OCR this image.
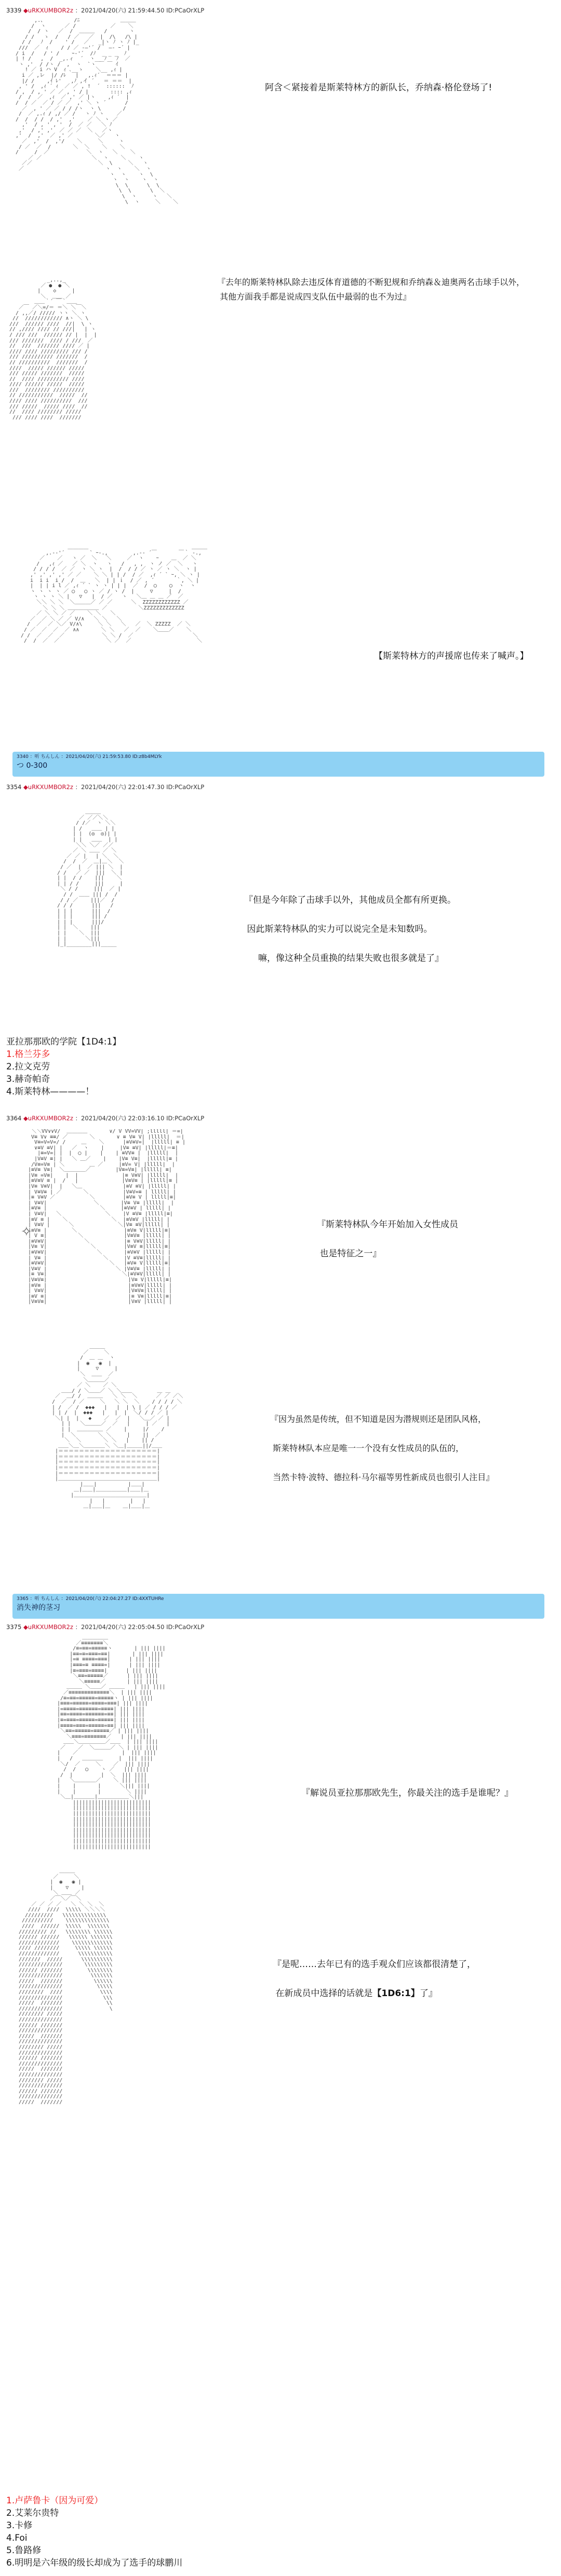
3339 ◆uRKXUMBOR2z ：2021/04/20(六) 21:59:44.50 ID:PCaOrXLP
,.、         /ﾆ             ＿＿＿
/  ヽ      ／ /           ／    ＼
/  / ヽ   ／  /  ＿＿＿   /       ヽ
/ /   ゝ  /   / ／   ／  |  /\   /\ |
/ /   ﾉ  /    ' /   ／   _|ヽ ﾉ ヽ ﾉ |_
///  ／  ｨ    / / ／ -―'´ /｀ ―‐ ｰ´ |
/ i  /   / ' /    ｰ‐'´  /ﾉ  _ _ _  ﾉ
| ! /   ,  /  _,.ィ  ´  ヽ__ ﾉ   ﾉ  ／
ヽ ,'  / /ヽ /  ,  ヽ  `ヽ ￣ ￣ ｲ
! ／ i ハ V  ｨ ､__ゝ    ＼__ ,ｨ |
i ／ ,レ  |/ /ﾚ   |   ,.ｨ´  ＝＝＝ |
|/ /    ,ｲ ﾚ'   ,ﾉ ,イ ´   ＝ ＝＝  |
, ' /  ,ｨ ´ ｨ  ／ ／ , !  ´  ::::::  ﾉ
/ ,  / , ' ／ ／ , ' / |       :::: ,ｨ
/  /  ／  ,ｨ  ／ ,' ／ |ヽ    ,ｨ ´  |
/  / ／  ／ / ／ ／  ,' ＼ ヽ ´      /
／  , ' ／ ／ / / /ヽ  ヽ \       /
/  ／ ,.ｨ / ,/ ／ /   ヽ ﾉ ヽ    ／
/  /  / /  / ,'  ,'    ／ ＼ ヽ ／
,'  / , ' , '  /  ／ ／   ＼ ﾉ
,'  / ,' ,'  ／ ／ ／  ＼   ／ヽ
,'  /  ,'  ／ ,' ／       ＼／   ヽ
／  ,'  /  ,'/    ＼     ＼     ヽ
/ ／  ／  /       ＼  ＼    ＼    ＼
/     /  ／            ＼  ヽ   ＼    ＼
／ ／                ＼  ヽ    ＼    ヽ
／／                     ＼  \     ＼   ヽ
／                          ヽ  ヽ    ＼  ヽ
ヽ  ヽ    ヽ  \
ヽ  ヽ    ヽ  ヽ
\  \      \  \
\  \      \  ＼
\  ヽ     ヽ   ＼
\  ヽ     ＼    ＼
阿含＜紧接着是斯莱特林方的新队长，乔纳森·格伦登场了!
_,..,_
／ ●  ● ＼
|    ◇     |
＼  ＿＿ ／
＿＿｀´ ￣｀＿＿
／￣ ／＼=/＝ ＝＼ ＼￣＼
/ ,,／/ ///// ヽヽ ＼ ヽ
//  //////////// ∧ヽ ＼ \
///  ////// ////  //|  \ ヽ
// ,//// //// // ///|   | ヽ
/ /// ///  ////// // |  |  |
/// ///////  //// / ///  ／
//  ///  /////// //// ／ |
//// //// ///////// /// /
/// ////////// ///////  /
// //////////  ///////  /
////  ///// ////// /////
/// ///// ///////  /////
//  //// ////////// ////
//// ////// /////  /////
///  //////// //////////
// ///////////  /////  //
//// //// //////////  ///
/// /////  ///// ////  //
//  //// //////// /////
/// //// ////  ///////
『去年的斯莱特林队除去违反体育道德的不断犯规和乔纳森＆迪奥两名击球手以外，
其他方面我手都是说成四支队伍中最弱的也不为过』
＿＿＿＿                                 ＿＿＿
,.-‐'´        ` ｰ-.,        ,.-‐ ´￣       ￣｀ -.,
／    ／   ヽ ／  ＼   ＼     ／  ヽ    ｰ    ＿  ／ ＼
/   ,ｨ ／   ／ ＼  ヽ   ヽ   /   , ,  ヽ ノ ／  ＼   ヽ
/ / / /  ／ ／  ヽ ＼ ヽ  |  /  / / ／ ヽ ／ ヽ ＼  ヽ |
,' ,' ,' ,' ／ ／    ＼ ＼ | | /  / ／  ,ｨ ´ ` ｰ, ＼ ヽ |
i  i i  i /  /  ＿   ＼  | | ｉ  / ／ , ´       ｀, ＼ |
|  | | i l ／ ,ｨ ´ ` ヽ ヽ | | |  ／  /  ◯    ◯  ヽ  ヽ
ヽ ヽ ヽ ヽ ／ ◯   ◯ ヽ ／ / ヽ /  |     ▽     |  /
ヽ ヽ ヽ ＼ |   ▽   |  / ／   ヽ   ＼＿ ＿ ＿ ／  ／
＼＼ ＼ ＼  ＼＿＿＿／ ／ ／      ＼  ZZZZZZZZZZZZ ／
＼ ＼ ＼ ＿＿＿＿＿＿ ／          ＼ZZZZZZZZZZZZZ
／ ＼ ＼ ／ ／    ＼ ＼   ＼
／  ／ ＼ ／ ／ V/∧   ＼ ＼   ＼
/  ／  ／ ＼／ V/∧\     ＼ ＼   ＼   ／  ＼ ZZZZZ  ／ ＼
/ ／  ／  ／  ／ ∧∧       ＼ ＼   ／  ／    ＼＿＿／    ＼
/ /  ／  ／  ／            ＼ ＼ /  ／                   ＼
/  /  ／  ／               ＼ ／  ／                     ＼
【斯莱特林方的声援席也传来了喊声。】
3340 ：听 ちんしん ：2021/04/20(六) 21:59:53.80 ID:z8b4MLYk
つ 0-300
3354 ◆uRKXUMBOR2z ：2021/04/20(六) 22:01:47.30 ID:PCaOrXLP
＿＿＿
／ ／／＼＼
/ /／  ヽ ＼＼
| /   ＿＿ | |
| |  (◎  ◎)| |
| |   ＿＿  | |
＼＼ ＼／ ／／
／ ＼ ＿＿ ／ ＼
／ ／ |   | ＼  ＼
/  /  ／  ＿|＿＼  ＼
/ ／  |  ／ ||| ＼  |
/ /   ／ ／  |||  ＼ |
| |  / /    |||    ＼
| | / /     |||     |
＼ / /     |||  ／ |
/ /  ＿＿ ||| /  /
/ / ／    |||／  /
/ / /      |||   /
| | |      |||  /
| | |      ||| /
| | |      |||/
| |  ＼    |||
| |    ＼  |||
| |      ＼|||
|_|________|||_____
『但是今年除了击球手以外，其他成员全都有所更换。

因此斯莱特林队的实力可以说完全是未知数吗。

嘛，像这种全员重换的结果失败也很多就是了』
亚拉那那欧的学院【1D4:1】
1.格兰芬多
2.拉文克劳
3.赫奇帕奇
4.斯莱特林————！
3364 ◆uRKXUMBOR2z ：2021/04/20(六) 22:03:16.10 ID:PCaOrXLP
＼＼VV∨∨V/  ＿＿＿＿       ∨/ V VV=VV| ;lllll| ＝=|
V≡ V∨ ≡≡/ ／       ＼       ∨ ≡ V≡ V| |lllll|  ＝|
V≡=V=V=/ /     ＿    ＼      |≡V≡V=|  |lllll| ≡ |
∨≡V ≡V| |   ／  ヽ    |     |V≡ ≡V| |lllll|＝≡|
|≡=V=| |  |  ◯ |    |    | ≡VV≡ |  |lllll|  |
|V≡V ≡| |   ＼ ＿／    |    |V≡ V≡|  |lllll|≡ |
/V≡=V≡ | ＼        ＿ ／     |≡V= V| |lllll|  |
|≡V≡ V≡|  ＼＿＿＿＿／        |V≡=V≡| |lllll| ≡|
|V≡ =V≡|    |  |              |≡ V≡V| |lllll|  |
|≡V≡V ≡ |  /   |              |V≡V≡ | |lllll|≡ |
|V≡ V≡V|  |   ＼＿             |≡V ≡V| |lllll| |
| V≡V≡ | ／       ＼           |V≡V=≡ | lllll| |
|≡ V≡V ／           ＼         |≡V≡ V | lllll|≡|
| V≡V|               ＼       |V≡ V≡ |lllll|  |
|≡V≡ |                 ＼     |≡V≡V | lllll| |
| V≡V|   ＼              ＼    |V ≡V≡ |lllll|≡|
|≡V ≡ |    ＼              ＼  |≡V≡V |lllll| |
| V≡V |      ＼              ＼|V≡ ≡V|lllll| |
|≡V≡ |        ＼               |≡V≡ V|lllll|≡|
| V ≡|          ＼             |V≡V≡ |lllll| |
|≡V≡V|            ＼           |≡ V≡V|lllll| |
|V≡ V|              ＼         |V≡V ≡|lllll|≡|
|≡V≡V|                ＼       |≡V≡V |lllll| |
| V≡ |                  ＼     |V ≡V≡|lllll| |
|≡V≡V|                    ＼   |≡V≡ V|lllll|≡|
|V≡V |                      ＼ |V≡V≡ |lllll| |
|≡ V≡|                        ＼|≡V≡V|lllll| |
|V≡V≡|                          |V≡ V|lllll|≡|
|≡V≡ |                          |≡V≡V|lllll| |
| V≡V|                          |V≡V≡|lllll| |
|≡V ≡|                          |≡ V≡|lllll|≡|
|V≡V≡|                          |V≡V |lllll| |
✧	『斯莱特林队今年开始加入女性成员

也是特征之一』
＿＿＿
／     ＼
/  ＿ ＿  ヽ
|  ◉   ◉  |
|     ▽     |
＼  ＿＿  ／
＼＿＿＿／
／ ＼    ／ ＼
＿＿/ / ＼＿＿／ ＼ ＼＿＿        ＿ ＿
／  ＿/ /  ＿＿＿   ＼ ＼  ＼      ／ ／ ／＼
/  ／  / ／     ＼   ＼ ＼  ＼    / / / / ＼
| /  ／ /  ◆◆◆   |   |  | \ | ／ / / / ／
| | /  |  ◆◆◆   |   |  |  ＼/ / / ／ |
＼| |  |   ◆    ／  ／  |   ＼＿／ ／ |
| |   ＼＿＿＿／  ／   |     | ／   |
| |  ＿＿＿＿＿ ／    |     |/    /
|  ＼       ＼ ＼     |    ||  ／
＼  ＼       ＼ ＼   |    || /
＿＿＼＿＼＿＿＿＿＼ ＼＿|＿＿＿||/＿＿
|＝＝＝＝＝＝＝＝＝＝＝＝＝＝＝＝＝＝＝|
|＝＝＝＝＝＝＝＝＝＝＝＝＝＝＝＝＝＝＝|
|＝＝＝＝＝＝＝＝＝＝＝＝＝＝＝＝＝＝＝|
|＝＝＝＝＝＝＝＝＝＝＝＝＝＝＝＝＝＝＝|
|＝＝＝＝＝＝＝＝＝＝＝＝＝＝＝＝＝＝＝|
|＿＿＿＿＿＿＿＿＿＿＿＿＿＿＿＿＿＿＿|
|＿＿|          |＿＿|
＿|＿＿|＿＿＿＿＿＿|＿＿|＿
|＿＿＿＿＿＿＿＿＿＿＿＿＿＿|
|   |        |   |
＿|＿＿|＿    ＿|＿＿|＿
『因为虽然是传统，但不知道是因为潜规则还是团队风格，

斯莱特林队本应是唯一一个没有女性成员的队伍的，

当然卡特·波特、德拉科·马尔福等男性新成员也很引人注目』
3365 ：听 ちんしん ：2021/04/20(六) 22:04:27.27 ID:4XXTUHRe
消失神的茎习
3375 ◆uRKXUMBOR2z ：2021/04/20(六) 22:05:04.50 ID:PCaOrXLP
＿＿＿＿＿
／≡≡≡≡≡≡≡＼
/≡=≡≡=≡≡≡≡≡ヽ       | ||| ||||
|≡≡=≡=≡≡≡=≡≡|       | ||| ||||
|=≡ ≡≡≡≡=≡≡≡|      | ||| ||||
|≡≡≡=≡ ≡≡≡≡=|      | ||| ||||
|≡=≡≡≡=≡≡≡≡|      | ||| ||||
＼≡≡=≡≡≡≡≡／      | ||| ||||
＼≡≡≡≡≡／       | ||| ||||
＿＿＿ ＼＿＿／ ＿＿＿   | ||| ||||
／≡≡≡≡≡≡≡≡≡≡≡≡≡＼  | ||| ||||
/≡=≡≡=≡≡≡≡≡=≡≡≡≡≡ヽ | ||| ||||
|≡≡≡=≡≡≡≡≡=≡≡≡≡=≡≡≡| ||| ||||
|=≡≡≡≡=≡≡≡≡≡≡=≡≡≡≡| ||| ||||
|≡≡=≡≡≡≡=≡≡≡≡≡≡=≡≡| ||| ||||
|≡=≡≡≡=≡≡≡≡≡=≡≡≡≡≡| ||| ||||
|≡≡≡≡=≡≡≡=≡≡≡≡≡=≡≡| ||| ||||
＼≡≡=≡≡≡≡≡=≡≡≡≡≡／ | ||| ||||
＼≡≡≡=≡≡≡≡≡≡≡／   | ||| ||||
＿＿＼＿＿＿＿＿／＿＿  | ||| ||||
／    ／  ＼＿＿＿／ ＼ | ||| ||||
|    ／              |  ||| ||||
|   /   ＿＿＿＿     |  ||| ||||
＼/  ／     ＼    ／  ||| ||||
/  /   ◯    ヽ ／   ||| ||||
/  |         |  ＼  ||| ||||
|   ＼＿＿＿＿／    ＼ ||| ||||
|    |       |      ＼||| ||||
|    |       |        ＼ ||||
＼＿|＿＿＿＿|＿＿＿＿＿＿＼|||
|||||||||||||||||||||||||
|||||||||||||||||||||||||
|||||||||||||||||||||||||
|||||||||||||||||||||||||
|||||||||||||||||||||||||
|||||||||||||||||||||||||
|||||||||||||||||||||||||
|||||||||||||||||||||||||
|||||||||||||||||||||||||
『解说员亚拉那那欧先生，你最关注的选手是谁呢？』
＿＿＿
／     ＼
|  ◉   ◉ |
|    ▽    |
＼ ＿＿ ／
／￣＼／￣＼
／ ／ ／ ／   ＼ ＼ ＼  ＼
////  ////  \\\\\ ＼＼＼＼
/////////   \\\\\\\\\\\\\\
//////////    \\\\\\\\\\\\\\
////  //////  \\\\\  \\\\\\\
///////// //   \\\\\\\\ \\\\\\
////// //////   \\\\\\ \\\\\\\
/////////////    \\\\\\\\\\\\\
//// ////////     \\\\\ \\\\\\
/////////////      \\\\\\\\\\\
///////  /////      \\\\\\\\\\
//////////////       \\\\\\\\\
////// ///////        \\\\\\\\
//////////////         \\\\\\\
/////  ///////          \\\\\\
//////////////           \\\\\
////////  ////            \\\\
//////////////             \\\
/////  ///////              \\
//////////////               \
//////// /////
//////////////
////// ///////
//////////////
/////  ///////
//////////////
//////// /////
//////////////
////// ///////
//////////////
/////  ///////
//////////////
//////// /////
//////////////
////// ///////
//////////////
/////  ///////
『是呢……去年已有的选手观众们应该都很清楚了，

在新成员中选择的话就是【1D6:1】了』
1.卢萨鲁卡（因为可爱）
2.艾莱尔贵特
3.卡修
4.Foi
5.鲁路修
6.明明是六年级的级长却成为了选手的球鹏川
